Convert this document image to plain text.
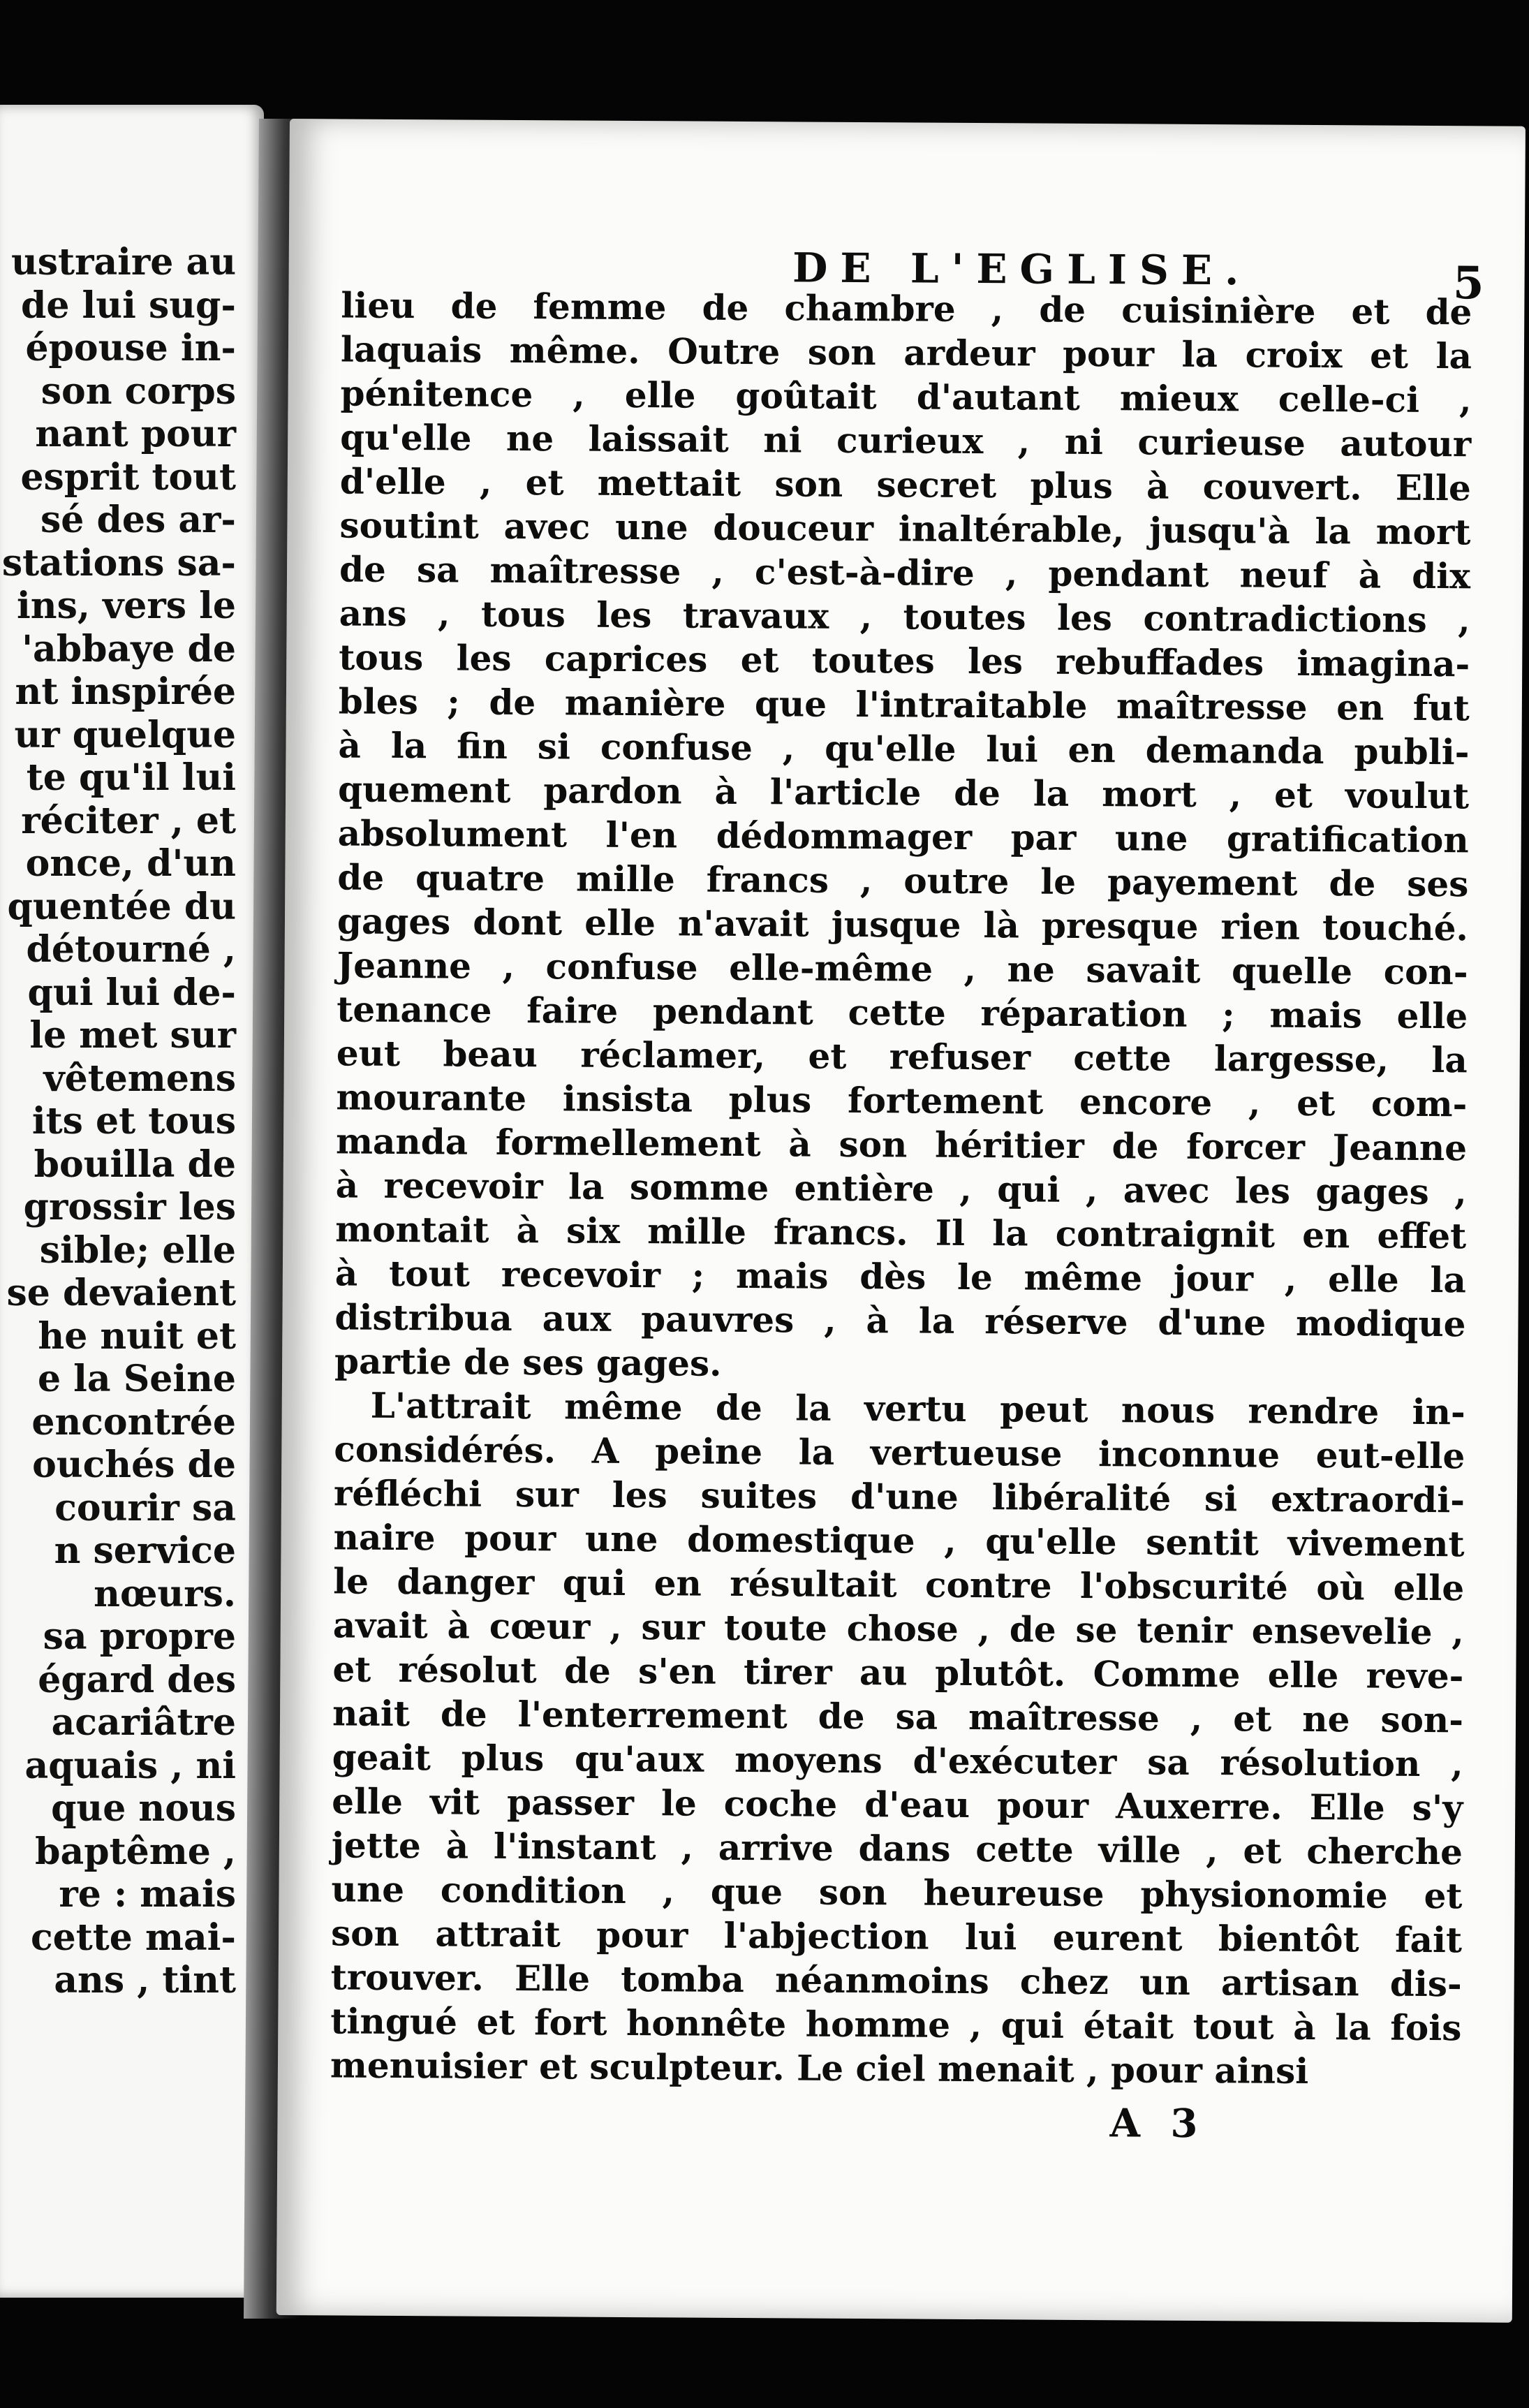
ustraire au
de lui sug-
épouse in-
son corps
nant pour
esprit tout
sé des ar-
stations sa-
ins, vers le
'abbaye de
nt inspirée
ur quelque
te qu'il lui
réciter , et
once, d'un
quentée du
détourné ,
qui lui de-
le met sur
vêtemens
its et tous
bouilla de
grossir les
sible; elle
se devaient
he nuit et
e la Seine
encontrée
ouchés de
courir sa
n service
nœurs.
sa propre
égard des
acariâtre
aquais , ni
que nous
baptême ,
re : mais
cette mai-
ans , tint
DE L'EGLISE.	5
lieu de femme de chambre , de cuisinière et de
laquais même. Outre son ardeur pour la croix et la
pénitence , elle goûtait d'autant mieux celle-ci ,
qu'elle ne laissait ni curieux , ni curieuse autour
d'elle , et mettait son secret plus à couvert. Elle
soutint avec une douceur inaltérable, jusqu'à la mort
de sa maîtresse , c'est-à-dire , pendant neuf à dix
ans , tous les travaux , toutes les contradictions ,
tous les caprices et toutes les rebuffades imagina-
bles ; de manière que l'intraitable maîtresse en fut
à la fin si confuse , qu'elle lui en demanda publi-
quement pardon à l'article de la mort , et voulut
absolument l'en dédommager par une gratification
de quatre mille francs , outre le payement de ses
gages dont elle n'avait jusque là presque rien touché.
Jeanne , confuse elle-même , ne savait quelle con-
tenance faire pendant cette réparation ; mais elle
eut beau réclamer, et refuser cette largesse, la
mourante insista plus fortement encore , et com-
manda formellement à son héritier de forcer Jeanne
à recevoir la somme entière , qui , avec les gages ,
montait à six mille francs. Il la contraignit en effet
à tout recevoir ; mais dès le même jour , elle la
distribua aux pauvres , à la réserve d'une modique
partie de ses gages.
L'attrait même de la vertu peut nous rendre in-
considérés. A peine la vertueuse inconnue eut-elle
réfléchi sur les suites d'une libéralité si extraordi-
naire pour une domestique , qu'elle sentit vivement
le danger qui en résultait contre l'obscurité où elle
avait à cœur , sur toute chose , de se tenir ensevelie ,
et résolut de s'en tirer au plutôt. Comme elle reve-
nait de l'enterrement de sa maîtresse , et ne son-
geait plus qu'aux moyens d'exécuter sa résolution ,
elle vit passer le coche d'eau pour Auxerre. Elle s'y
jette à l'instant , arrive dans cette ville , et cherche
une condition , que son heureuse physionomie et
son attrait pour l'abjection lui eurent bientôt fait
trouver. Elle tomba néanmoins chez un artisan dis-
tingué et fort honnête homme , qui était tout à la fois
menuisier et sculpteur. Le ciel menait , pour ainsi
A 3
